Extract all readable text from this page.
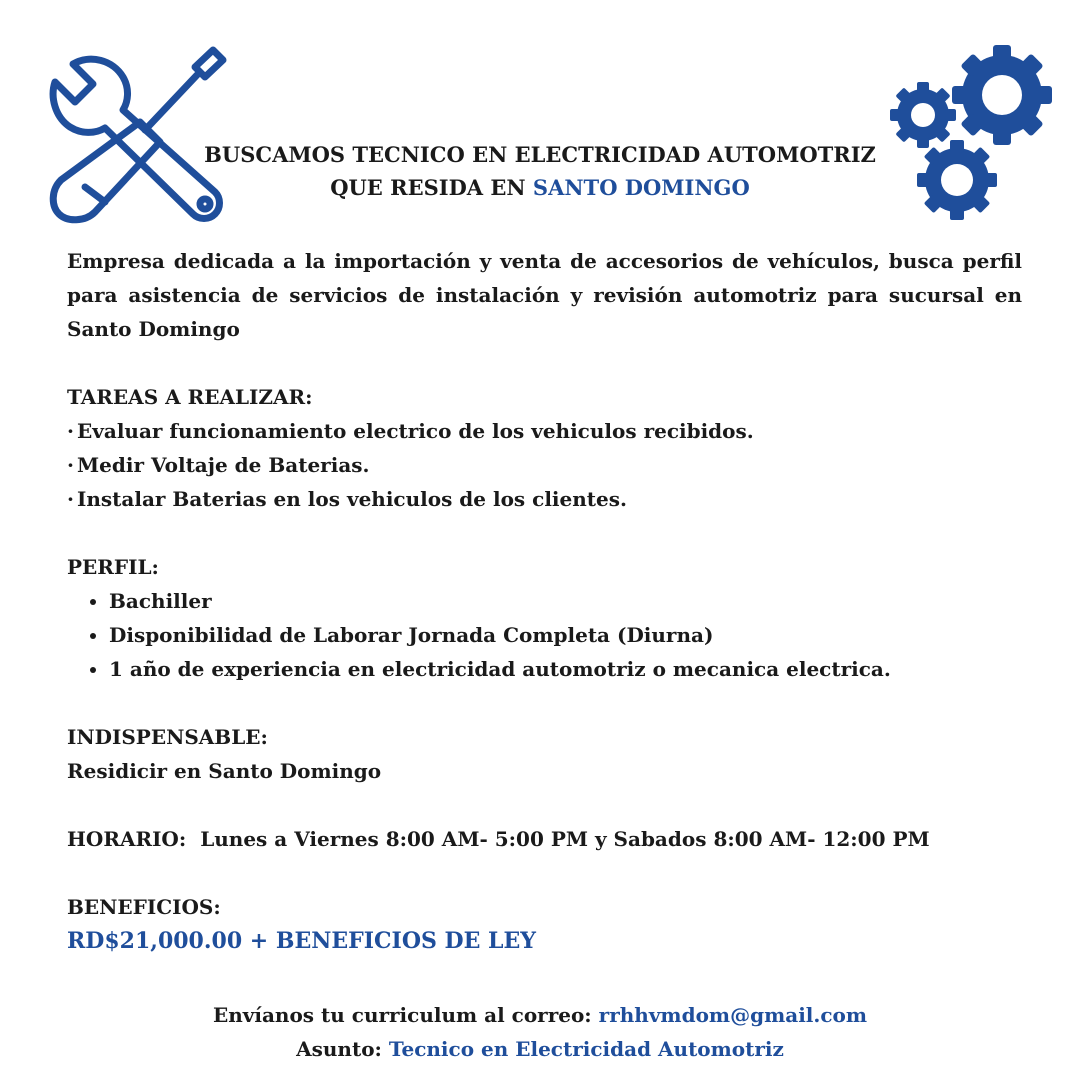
BUSCAMOS TECNICO EN ELECTRICIDAD AUTOMOTRIZ
QUE RESIDA EN SANTO DOMINGO

Empresa dedicada a la importación y venta de accesorios de vehículos, busca perfil para asistencia de servicios de instalación y revisión automotriz para sucursal en Santo Domingo

TAREAS A REALIZAR:
· Evaluar funcionamiento electrico de los vehiculos recibidos.
· Medir Voltaje de Baterias.
· Instalar Baterias en los vehiculos de los clientes.
PERFIL:
• Bachiller
• Disponibilidad de Laborar Jornada Completa (Diurna)
• 1 año de experiencia en electricidad automotriz o mecanica electrica.
INDISPENSABLE:
Residicir en Santo Domingo
HORARIO: Lunes a Viernes 8:00 AM- 5:00 PM y Sabados 8:00 AM- 12:00 PM
BENEFICIOS:
RD$21,000.00 + BENEFICIOS DE LEY
Envíanos tu curriculum al correo: rrhhvmdom@gmail.com
Asunto: Tecnico en Electricidad Automotriz
